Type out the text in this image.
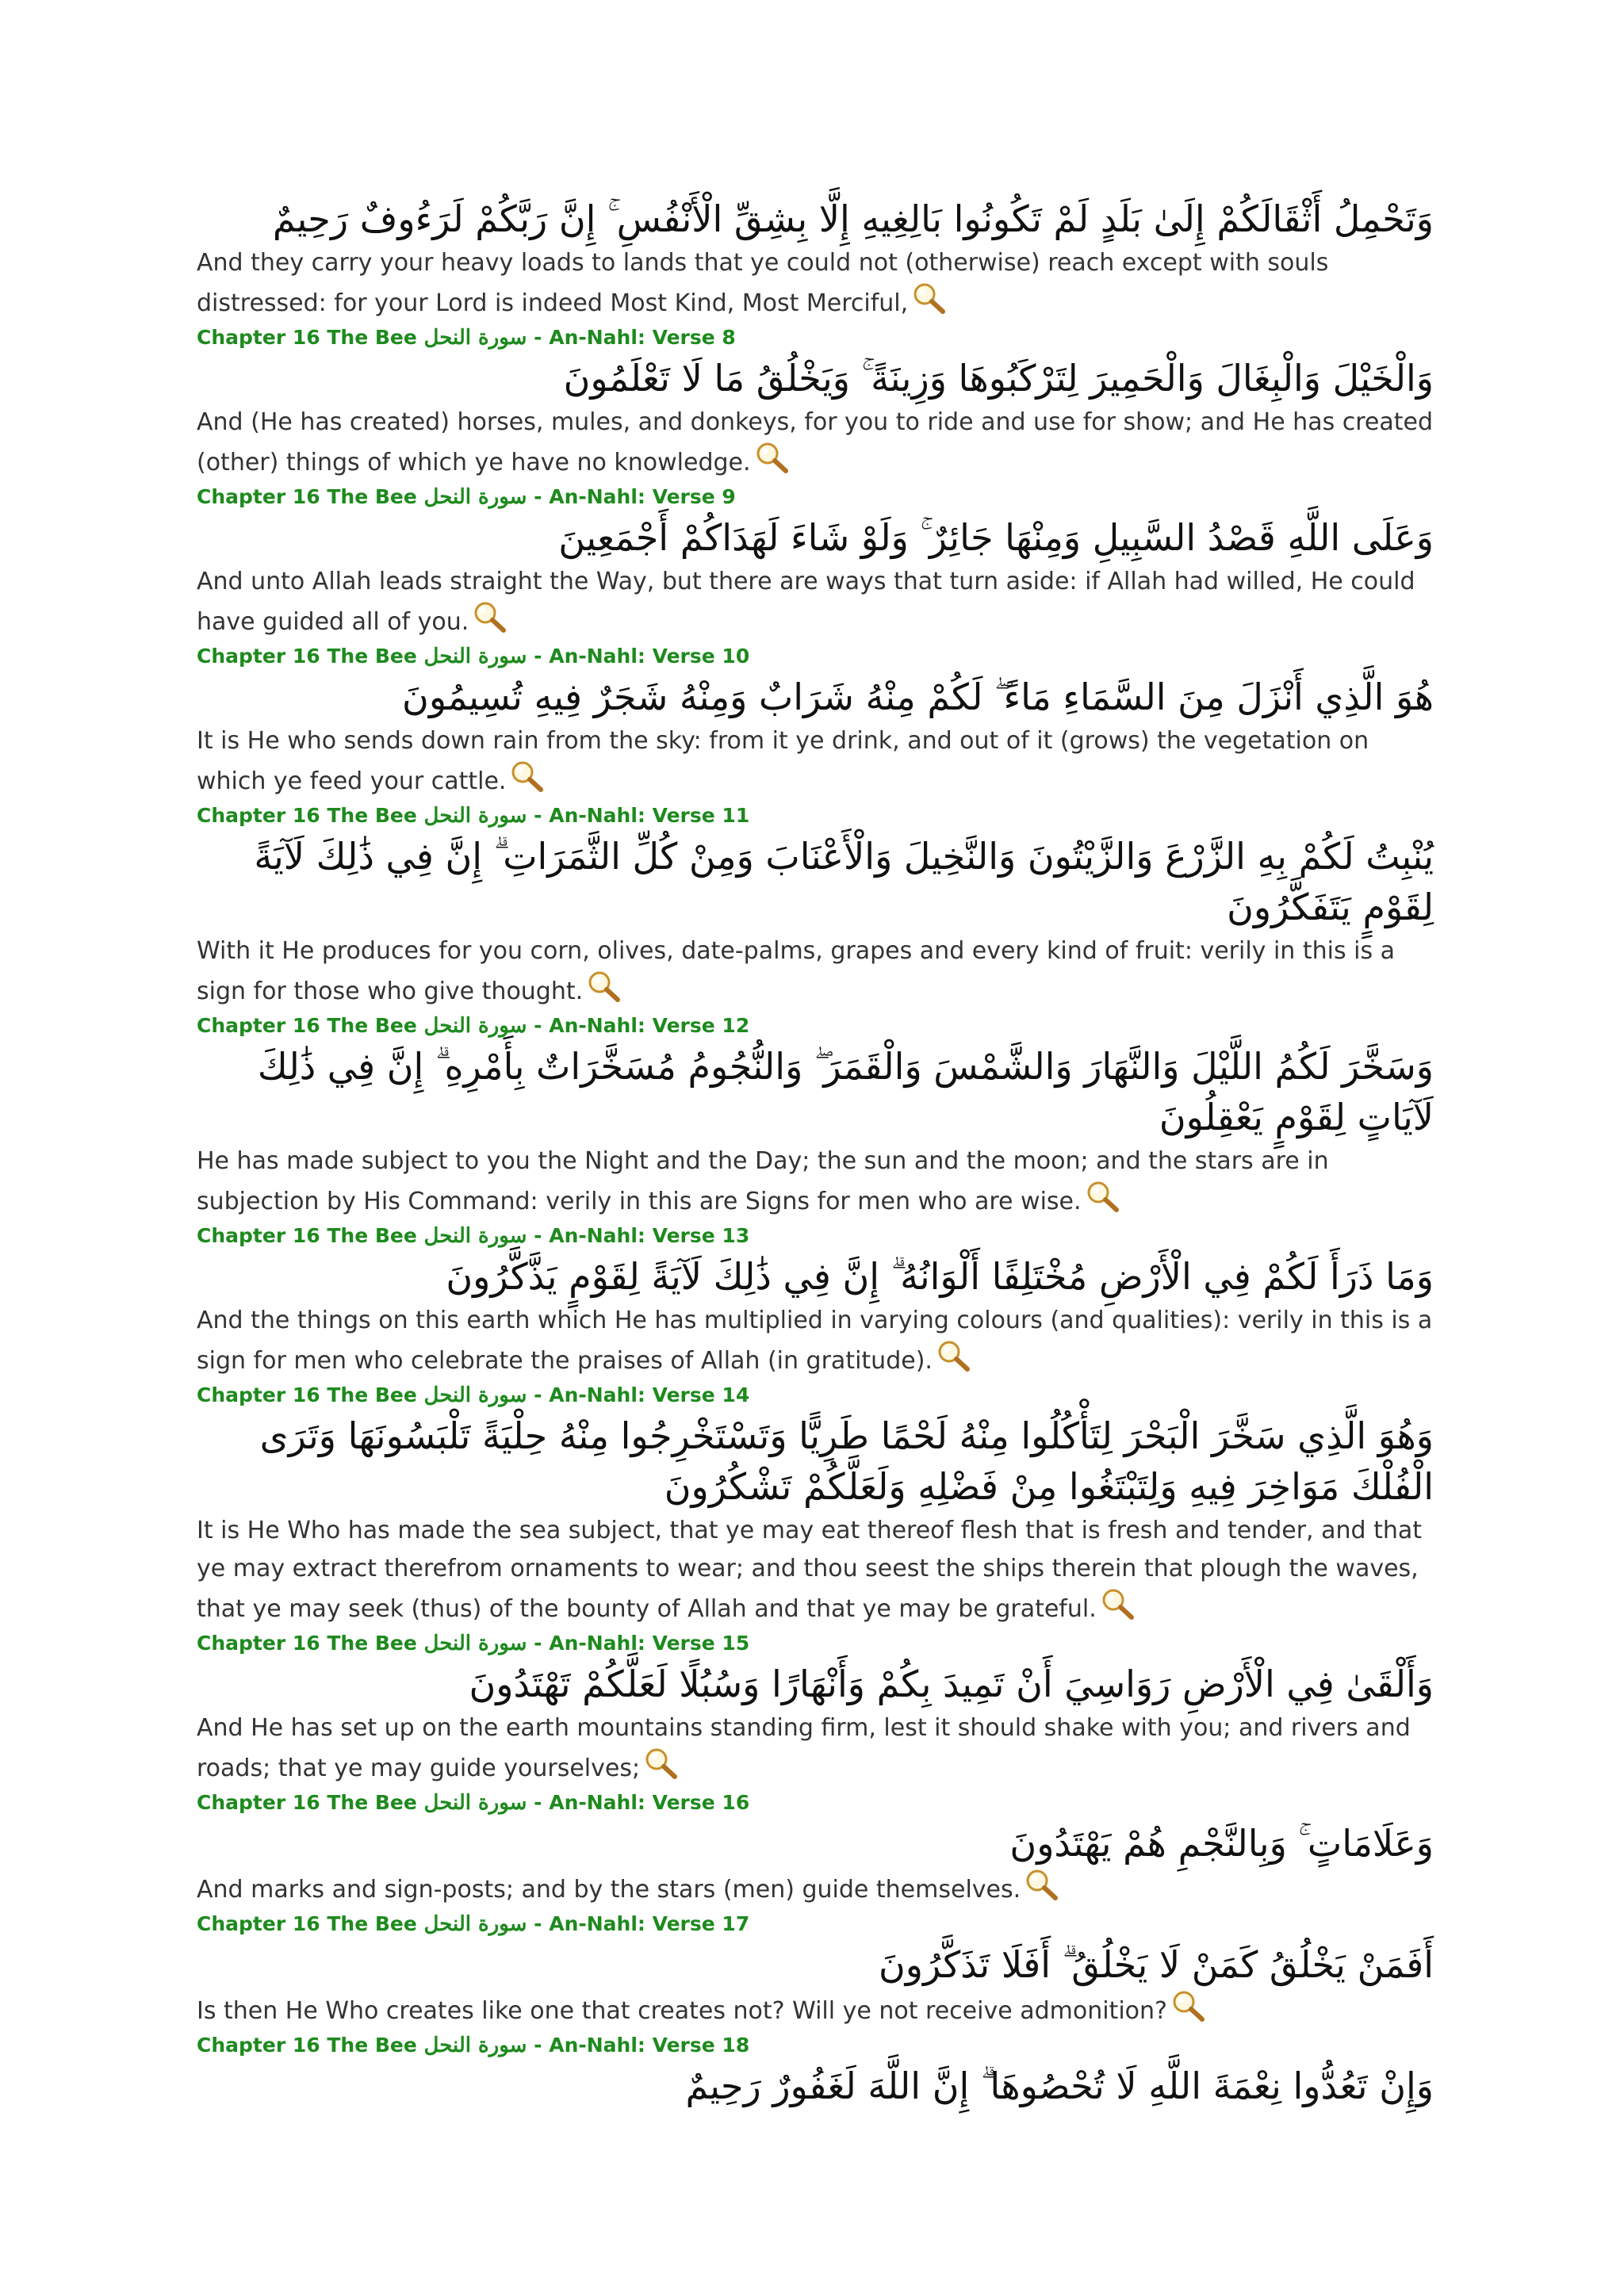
وَتَحْمِلُ أَثْقَالَكُمْ إِلَىٰ بَلَدٍ لَمْ تَكُونُوا بَالِغِيهِ إِلَّا بِشِقِّ الْأَنْفُسِ ۚ إِنَّ رَبَّكُمْ لَرَءُوفٌ رَحِيمٌ

And they carry your heavy loads to lands that ye could not (otherwise) reach except with souls distressed: for your Lord is indeed Most Kind, Most Merciful,

Chapter 16 The Bee سورة النحل - An-Nahl: Verse 8

وَالْخَيْلَ وَالْبِغَالَ وَالْحَمِيرَ لِتَرْكَبُوهَا وَزِينَةً ۚ وَيَخْلُقُ مَا لَا تَعْلَمُونَ

And (He has created) horses, mules, and donkeys, for you to ride and use for show; and He has created (other) things of which ye have no knowledge.

Chapter 16 The Bee سورة النحل - An-Nahl: Verse 9

وَعَلَى اللَّهِ قَصْدُ السَّبِيلِ وَمِنْهَا جَائِرٌ ۚ وَلَوْ شَاءَ لَهَدَاكُمْ أَجْمَعِينَ

And unto Allah leads straight the Way, but there are ways that turn aside: if Allah had willed, He could have guided all of you.

Chapter 16 The Bee سورة النحل - An-Nahl: Verse 10

هُوَ الَّذِي أَنْزَلَ مِنَ السَّمَاءِ مَاءً ۖ لَكُمْ مِنْهُ شَرَابٌ وَمِنْهُ شَجَرٌ فِيهِ تُسِيمُونَ

It is He who sends down rain from the sky: from it ye drink, and out of it (grows) the vegetation on which ye feed your cattle.

Chapter 16 The Bee سورة النحل - An-Nahl: Verse 11

يُنْبِتُ لَكُمْ بِهِ الزَّرْعَ وَالزَّيْتُونَ وَالنَّخِيلَ وَالْأَعْنَابَ وَمِنْ كُلِّ الثَّمَرَاتِ ۗ إِنَّ فِي ذَٰلِكَ لَآيَةً لِقَوْمٍ يَتَفَكَّرُونَ

With it He produces for you corn, olives, date-palms, grapes and every kind of fruit: verily in this is a sign for those who give thought.

Chapter 16 The Bee سورة النحل - An-Nahl: Verse 12

وَسَخَّرَ لَكُمُ اللَّيْلَ وَالنَّهَارَ وَالشَّمْسَ وَالْقَمَرَ ۖ وَالنُّجُومُ مُسَخَّرَاتٌ بِأَمْرِهِ ۗ إِنَّ فِي ذَٰلِكَ لَآيَاتٍ لِقَوْمٍ يَعْقِلُونَ

He has made subject to you the Night and the Day; the sun and the moon; and the stars are in subjection by His Command: verily in this are Signs for men who are wise.

Chapter 16 The Bee سورة النحل - An-Nahl: Verse 13

وَمَا ذَرَأَ لَكُمْ فِي الْأَرْضِ مُخْتَلِفًا أَلْوَانُهُ ۗ إِنَّ فِي ذَٰلِكَ لَآيَةً لِقَوْمٍ يَذَّكَّرُونَ

And the things on this earth which He has multiplied in varying colours (and qualities): verily in this is a sign for men who celebrate the praises of Allah (in gratitude).

Chapter 16 The Bee سورة النحل - An-Nahl: Verse 14

وَهُوَ الَّذِي سَخَّرَ الْبَحْرَ لِتَأْكُلُوا مِنْهُ لَحْمًا طَرِيًّا وَتَسْتَخْرِجُوا مِنْهُ حِلْيَةً تَلْبَسُونَهَا وَتَرَى الْفُلْكَ مَوَاخِرَ فِيهِ وَلِتَبْتَغُوا مِنْ فَضْلِهِ وَلَعَلَّكُمْ تَشْكُرُونَ

It is He Who has made the sea subject, that ye may eat thereof flesh that is fresh and tender, and that ye may extract therefrom ornaments to wear; and thou seest the ships therein that plough the waves, that ye may seek (thus) of the bounty of Allah and that ye may be grateful.

Chapter 16 The Bee سورة النحل - An-Nahl: Verse 15

وَأَلْقَىٰ فِي الْأَرْضِ رَوَاسِيَ أَنْ تَمِيدَ بِكُمْ وَأَنْهَارًا وَسُبُلًا لَعَلَّكُمْ تَهْتَدُونَ

And He has set up on the earth mountains standing firm, lest it should shake with you; and rivers and roads; that ye may guide yourselves;

Chapter 16 The Bee سورة النحل - An-Nahl: Verse 16

وَعَلَامَاتٍ ۚ وَبِالنَّجْمِ هُمْ يَهْتَدُونَ

And marks and sign-posts; and by the stars (men) guide themselves.

Chapter 16 The Bee سورة النحل - An-Nahl: Verse 17

أَفَمَنْ يَخْلُقُ كَمَنْ لَا يَخْلُقُ ۗ أَفَلَا تَذَكَّرُونَ

Is then He Who creates like one that creates not? Will ye not receive admonition?

Chapter 16 The Bee سورة النحل - An-Nahl: Verse 18

وَإِنْ تَعُدُّوا نِعْمَةَ اللَّهِ لَا تُحْصُوهَا ۗ إِنَّ اللَّهَ لَغَفُورٌ رَحِيمٌ
